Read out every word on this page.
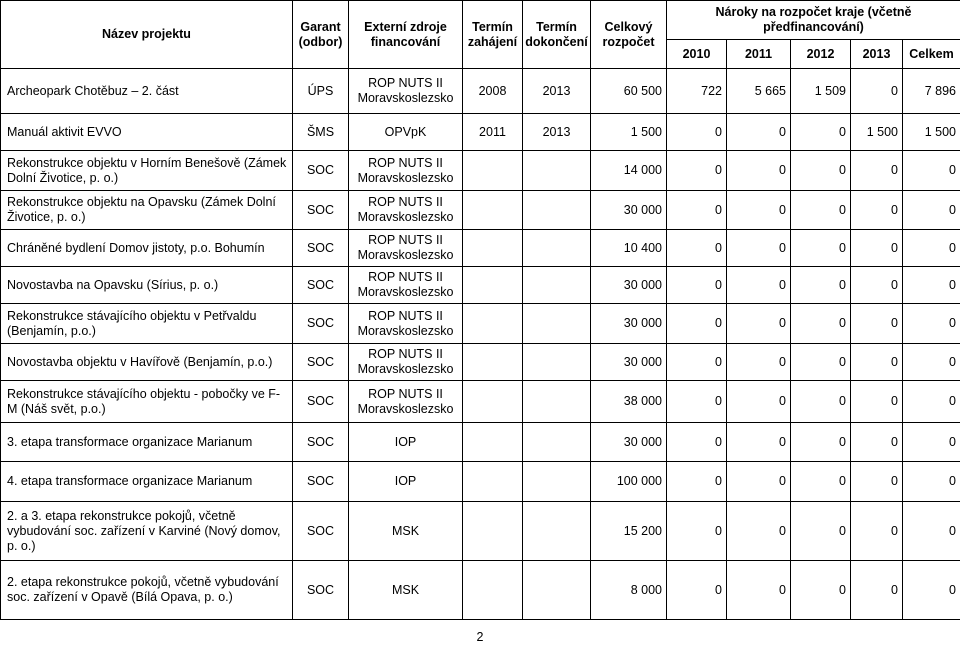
Název projektu	Garant (odbor)	Externí zdroje financování	Termín zahájení	Termín dokončení	Celkový rozpočet	Nároky na rozpočet kraje (včetně předfinancování)				
						2010	2011	2012	2013	Celkem
Archeopark Chotěbuz – 2. část	ÚPS	ROP NUTS II Moravskoslezsko	2008	2013	60 500	722	5 665	1 509	0	7 896
Manuál aktivit EVVO	ŠMS	OPVpK	2011	2013	1 500	0	0	0	1 500	1 500
Rekonstrukce objektu v Horním Benešově (Zámek Dolní Životice, p. o.)	SOC	ROP NUTS II Moravskoslezsko			14 000	0	0	0	0	0
Rekonstrukce objektu na Opavsku (Zámek Dolní Životice, p. o.)	SOC	ROP NUTS II Moravskoslezsko			30 000	0	0	0	0	0
Chráněné bydlení Domov jistoty, p.o. Bohumín	SOC	ROP NUTS II Moravskoslezsko			10 400	0	0	0	0	0
Novostavba na Opavsku (Sírius, p. o.)	SOC	ROP NUTS II Moravskoslezsko			30 000	0	0	0	0	0
Rekonstrukce stávajícího objektu v Petřvaldu (Benjamín, p.o.)	SOC	ROP NUTS II Moravskoslezsko			30 000	0	0	0	0	0
Novostavba objektu v Havířově (Benjamín, p.o.)	SOC	ROP NUTS II Moravskoslezsko			30 000	0	0	0	0	0
Rekonstrukce stávajícího objektu - pobočky ve F-M (Náš svět, p.o.)	SOC	ROP NUTS II Moravskoslezsko			38 000	0	0	0	0	0
3. etapa transformace organizace Marianum	SOC	IOP			30 000	0	0	0	0	0
4. etapa transformace organizace Marianum	SOC	IOP			100 000	0	0	0	0	0
2. a 3. etapa rekonstrukce pokojů, včetně vybudování soc. zařízení v Karviné (Nový domov, p. o.)	SOC	MSK			15 200	0	0	0	0	0
2. etapa rekonstrukce pokojů, včetně vybudování soc. zařízení v Opavě (Bílá Opava, p. o.)	SOC	MSK			8 000	0	0	0	0	0
2
